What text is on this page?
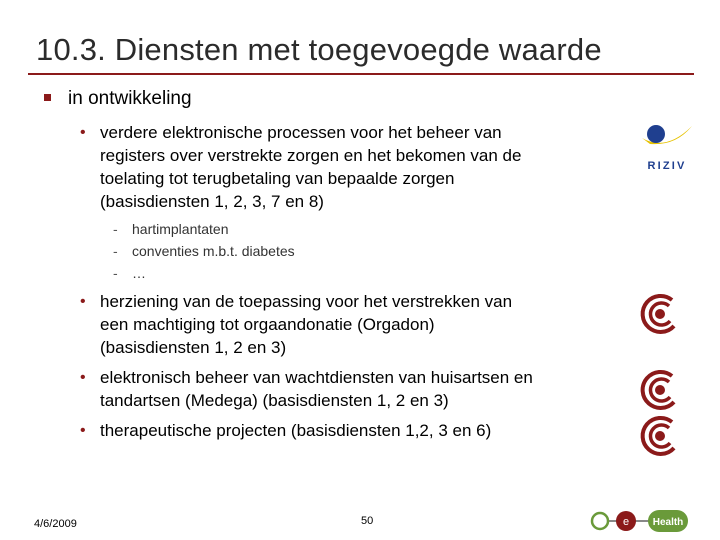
10.3. Diensten met toegevoegde waarde
in ontwikkeling
• verdere elektronische processen voor het beheer van
registers over verstrekte zorgen en het bekomen van de
toelating tot terugbetaling van bepaalde zorgen
(basisdiensten 1, 2, 3, 7 en 8)
-	hartimplantaten
-	conventies m.b.t. diabetes
-	…
• herziening van de toepassing voor het verstrekken van
een machtiging tot orgaandonatie (Orgadon)
(basisdiensten 1, 2 en 3)
• elektronisch beheer van wachtdiensten van huisartsen en
tandartsen (Medega) (basisdiensten 1, 2 en 3)
• therapeutische projecten (basisdiensten 1,2, 3 en 6)
RIZIV
4/6/2009	50	e Health
